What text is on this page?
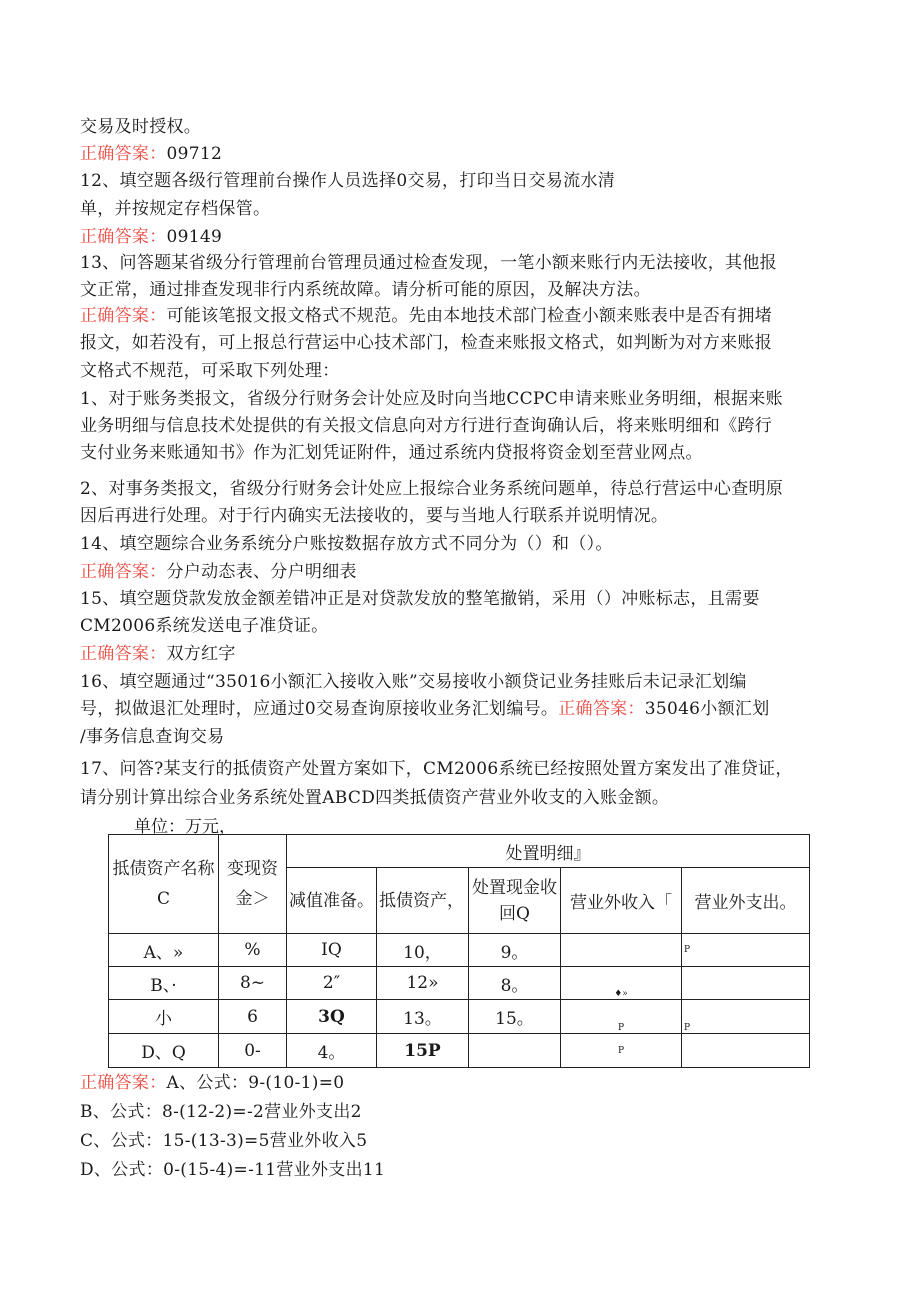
交易及时授权。
正确答案：09712
12、填空题各级行管理前台操作人员选择0交易，打印当日交易流水清
单，并按规定存档保管。
正确答案：09149
13、问答题某省级分行管理前台管理员通过检查发现，一笔小额来账行内无法接收，其他报
文正常，通过排查发现非行内系统故障。请分析可能的原因，及解决方法。
正确答案：可能该笔报文报文格式不规范。先由本地技术部门检查小额来账表中是否有拥堵
报文，如若没有，可上报总行营运中心技术部门，检查来账报文格式，如判断为对方来账报
文格式不规范，可采取下列处理：
1、对于账务类报文，省级分行财务会计处应及时向当地CCPC申请来账业务明细，根据来账
业务明细与信息技术处提供的有关报文信息向对方行进行查询确认后，将来账明细和《跨行
支付业务来账通知书》作为汇划凭证附件，通过系统内贷报将资金划至营业网点。
2、对事务类报文，省级分行财务会计处应上报综合业务系统问题单，待总行营运中心查明原
因后再进行处理。对于行内确实无法接收的，要与当地人行联系并说明情况。
14、填空题综合业务系统分户账按数据存放方式不同分为（）和（）。
正确答案：分户动态表、分户明细表
15、填空题贷款发放金额差错冲正是对贷款发放的整笔撤销，采用（）冲账标志，且需要
CM2006系统发送电子准贷证。
正确答案：双方红字
16、填空题通过“35016小额汇入接收入账”交易接收小额贷记业务挂账后未记录汇划编
号，拟做退汇处理时，应通过0交易查询原接收业务汇划编号。正确答案：35046小额汇划
/事务信息查询交易
17、问答?某支行的抵债资产处置方案如下，CM2006系统已经按照处置方案发出了准贷证，
请分别计算出综合业务系统处置ABCD四类抵债资产营业外收支的入账金额。
单位：万元，
抵债资产名称C	变现资金＞	处置明细』				
		减值准备。	抵债资产，	处置现金收回Q	营业外收入「	营业外支出。
A、»	%	IQ	10，	9。		P
B、·	8~	2″	12»	8。	♦»	
小	6	3Q	13。	15。	P	P
D、Q	0-	4。	15P		P	
正确答案：A、公式：9-(10-1)=0
B、公式：8-(12-2)=-2营业外支出2
C、公式：15-(13-3)=5营业外收入5
D、公式：0-(15-4)=-11营业外支出11
